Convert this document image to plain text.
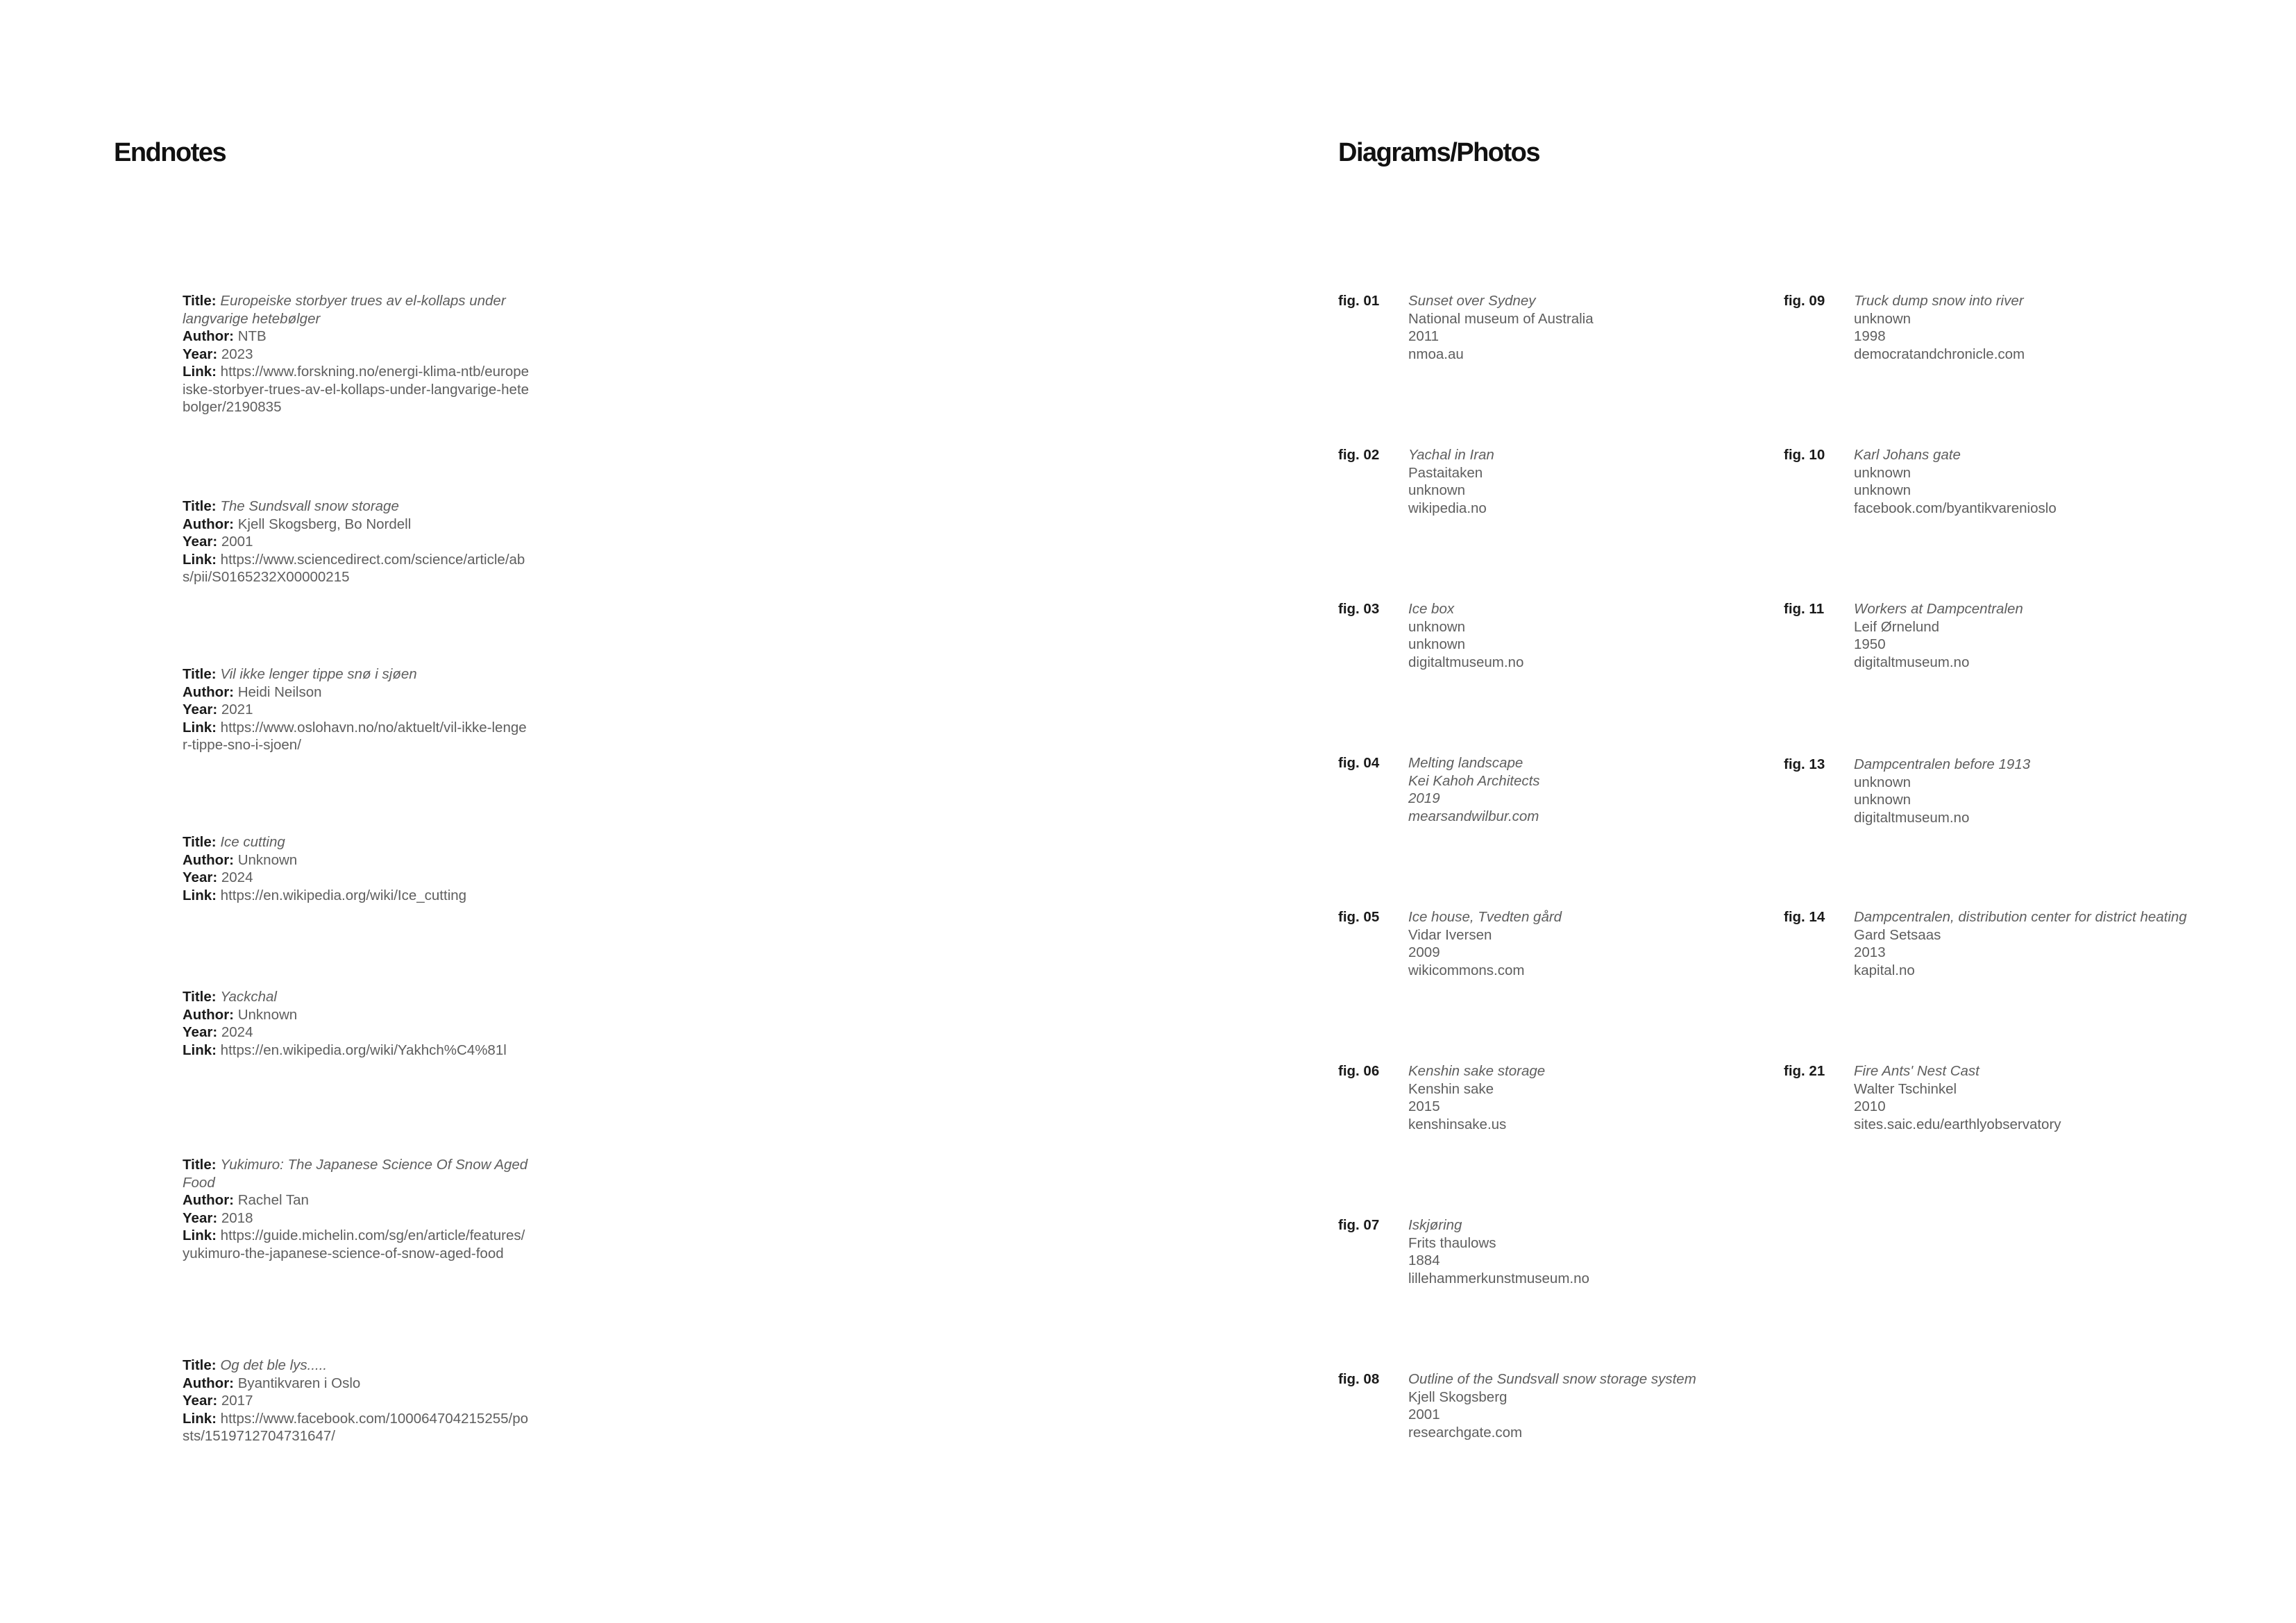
Endnotes	Diagrams/Photos
Title: Europeiske storbyer trues av el-kollaps under langvarige hetebølger
Author: NTB
Year: 2023
Link: https://www.forskning.no/energi-klima-ntb/europeiske-storbyer-trues-av-el-kollaps-under-langvarige-hetebolger/2190835
Title: The Sundsvall snow storage
Author: Kjell Skogsberg, Bo Nordell
Year: 2001
Link: https://www.sciencedirect.com/science/article/abs/pii/S0165232X00000215
Title: Vil ikke lenger tippe snø i sjøen
Author: Heidi Neilson
Year: 2021
Link: https://www.oslohavn.no/no/aktuelt/vil-ikke-lenger-tippe-sno-i-sjoen/
Title: Ice cutting
Author: Unknown
Year: 2024
Link: https://en.wikipedia.org/wiki/Ice_cutting
Title: Yackchal
Author: Unknown
Year: 2024
Link: https://en.wikipedia.org/wiki/Yakhch%C4%81l
Title: Yukimuro: The Japanese Science Of Snow Aged Food
Author: Rachel Tan
Year: 2018
Link: https://guide.michelin.com/sg/en/article/features/yukimuro-the-japanese-science-of-snow-aged-food
Title: Og det ble lys.....
Author: Byantikvaren i Oslo
Year: 2017
Link: https://www.facebook.com/100064704215255/posts/1519712704731647/
fig. 01 Sunset over Sydney
National museum of Australia
2011
nmoa.au
fig. 02 Yachal in Iran
Pastaitaken
unknown
wikipedia.no
fig. 03 Ice box
unknown
unknown
digitaltmuseum.no
fig. 04 Melting landscape
Kei Kahoh Architects
2019
mearsandwilbur.com
fig. 05 Ice house, Tvedten gård
Vidar Iversen
2009
wikicommons.com
fig. 06 Kenshin sake storage
Kenshin sake
2015
kenshinsake.us
fig. 07 Iskjøring
Frits thaulows
1884
lillehammerkunstmuseum.no
fig. 08 Outline of the Sundsvall snow storage system
Kjell Skogsberg
2001
researchgate.com
fig. 09 Truck dump snow into river
unknown
1998
democratandchronicle.com
fig. 10 Karl Johans gate
unknown
unknown
facebook.com/byantikvarenioslo
fig. 11 Workers at Dampcentralen
Leif Ørnelund
1950
digitaltmuseum.no
fig. 13 Dampcentralen before 1913
unknown
unknown
digitaltmuseum.no
fig. 14 Dampcentralen, distribution center for district heating
Gard Setsaas
2013
kapital.no
fig. 21 Fire Ants' Nest Cast
Walter Tschinkel
2010
sites.saic.edu/earthlyobservatory
